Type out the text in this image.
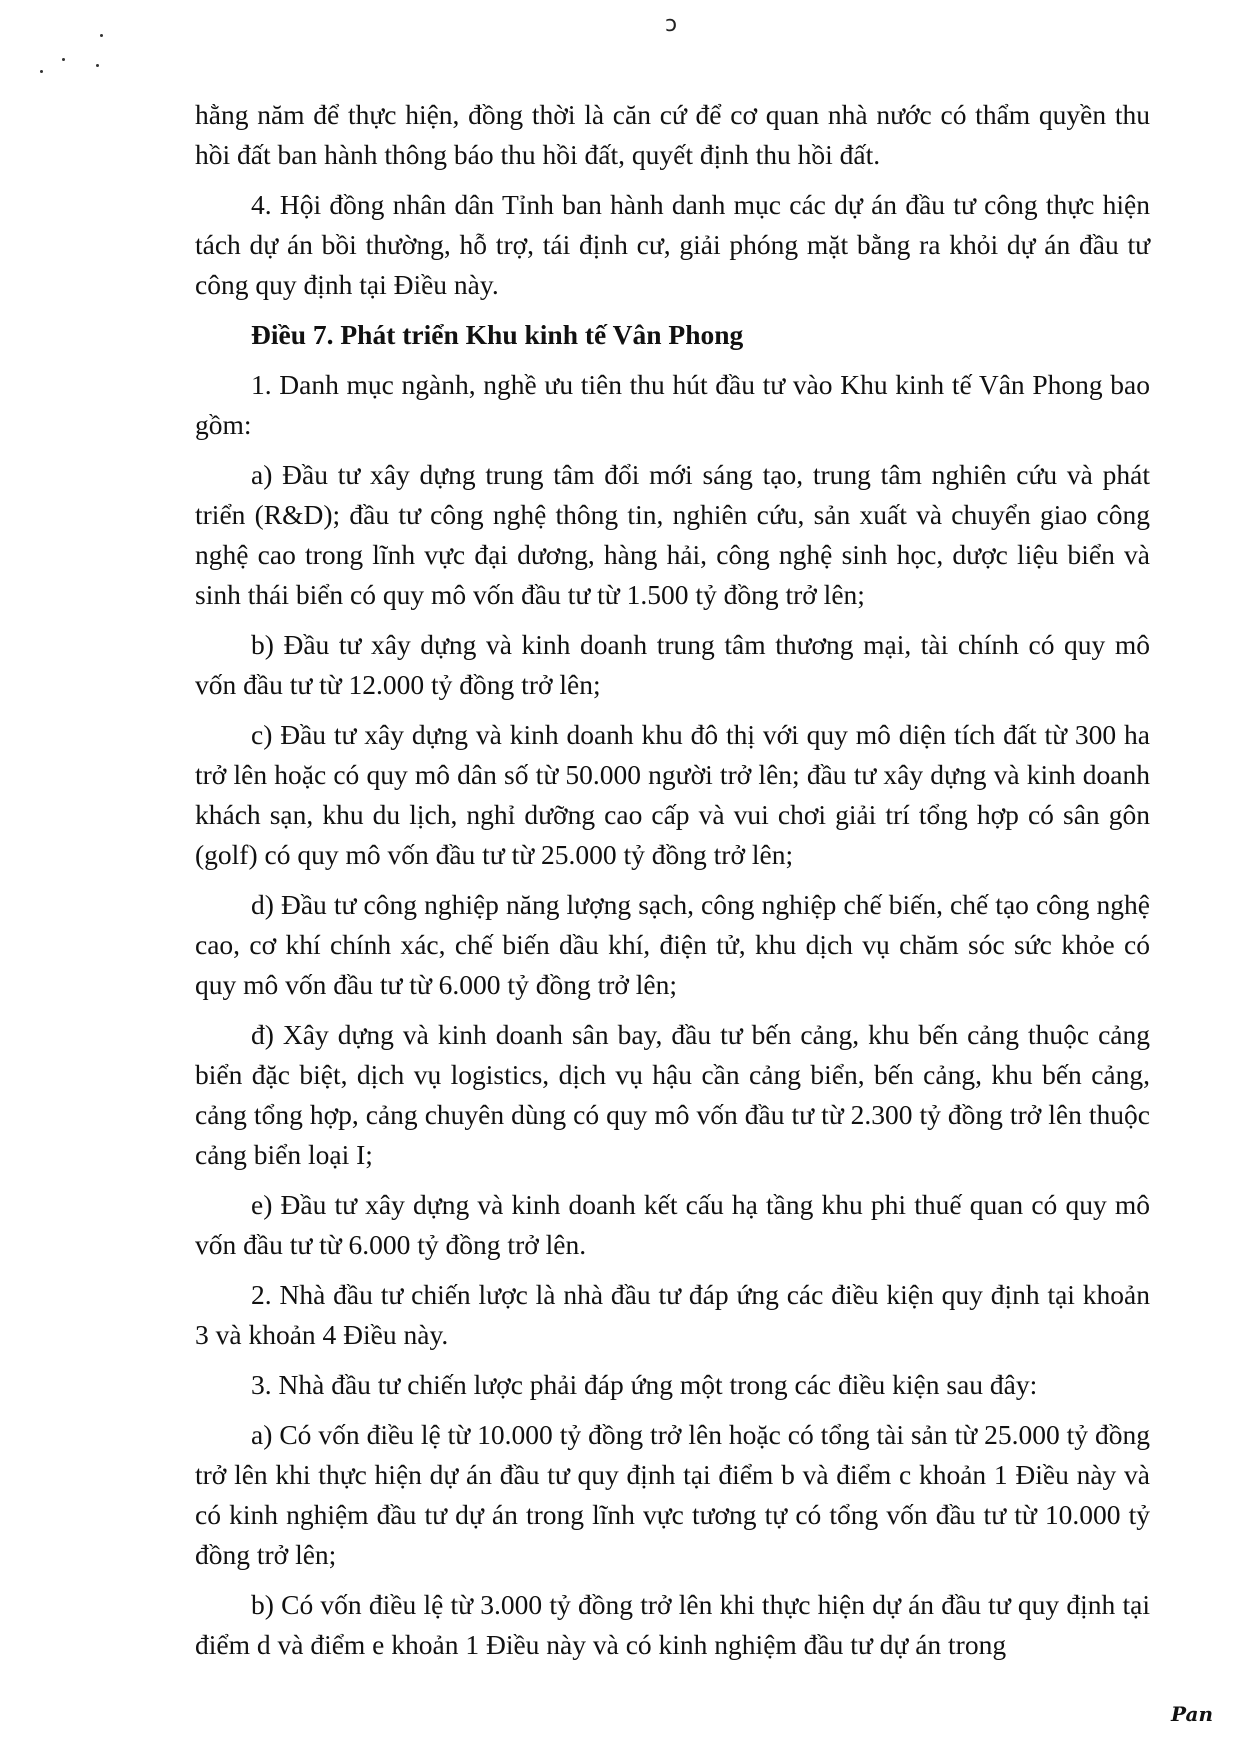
ɔ

hằng năm để thực hiện, đồng thời là căn cứ để cơ quan nhà nước có thẩm quyền thu hồi đất ban hành thông báo thu hồi đất, quyết định thu hồi đất.

4. Hội đồng nhân dân Tỉnh ban hành danh mục các dự án đầu tư công thực hiện tách dự án bồi thường, hỗ trợ, tái định cư, giải phóng mặt bằng ra khỏi dự án đầu tư công quy định tại Điều này.

Điều 7. Phát triển Khu kinh tế Vân Phong

1. Danh mục ngành, nghề ưu tiên thu hút đầu tư vào Khu kinh tế Vân Phong bao gồm:

a) Đầu tư xây dựng trung tâm đổi mới sáng tạo, trung tâm nghiên cứu và phát triển (R&D); đầu tư công nghệ thông tin, nghiên cứu, sản xuất và chuyển giao công nghệ cao trong lĩnh vực đại dương, hàng hải, công nghệ sinh học, dược liệu biển và sinh thái biển có quy mô vốn đầu tư từ 1.500 tỷ đồng trở lên;

b) Đầu tư xây dựng và kinh doanh trung tâm thương mại, tài chính có quy mô vốn đầu tư từ 12.000 tỷ đồng trở lên;

c) Đầu tư xây dựng và kinh doanh khu đô thị với quy mô diện tích đất từ 300 ha trở lên hoặc có quy mô dân số từ 50.000 người trở lên; đầu tư xây dựng và kinh doanh khách sạn, khu du lịch, nghỉ dưỡng cao cấp và vui chơi giải trí tổng hợp có sân gôn (golf) có quy mô vốn đầu tư từ 25.000 tỷ đồng trở lên;

d) Đầu tư công nghiệp năng lượng sạch, công nghiệp chế biến, chế tạo công nghệ cao, cơ khí chính xác, chế biến dầu khí, điện tử, khu dịch vụ chăm sóc sức khỏe có quy mô vốn đầu tư từ 6.000 tỷ đồng trở lên;

đ) Xây dựng và kinh doanh sân bay, đầu tư bến cảng, khu bến cảng thuộc cảng biển đặc biệt, dịch vụ logistics, dịch vụ hậu cần cảng biển, bến cảng, khu bến cảng, cảng tổng hợp, cảng chuyên dùng có quy mô vốn đầu tư từ 2.300 tỷ đồng trở lên thuộc cảng biển loại I;

e) Đầu tư xây dựng và kinh doanh kết cấu hạ tầng khu phi thuế quan có quy mô vốn đầu tư từ 6.000 tỷ đồng trở lên.

2. Nhà đầu tư chiến lược là nhà đầu tư đáp ứng các điều kiện quy định tại khoản 3 và khoản 4 Điều này.

3. Nhà đầu tư chiến lược phải đáp ứng một trong các điều kiện sau đây:

a) Có vốn điều lệ từ 10.000 tỷ đồng trở lên hoặc có tổng tài sản từ 25.000 tỷ đồng trở lên khi thực hiện dự án đầu tư quy định tại điểm b và điểm c khoản 1 Điều này và có kinh nghiệm đầu tư dự án trong lĩnh vực tương tự có tổng vốn đầu tư từ 10.000 tỷ đồng trở lên;

b) Có vốn điều lệ từ 3.000 tỷ đồng trở lên khi thực hiện dự án đầu tư quy định tại điểm d và điểm e khoản 1 Điều này và có kinh nghiệm đầu tư dự án trong

Pan
